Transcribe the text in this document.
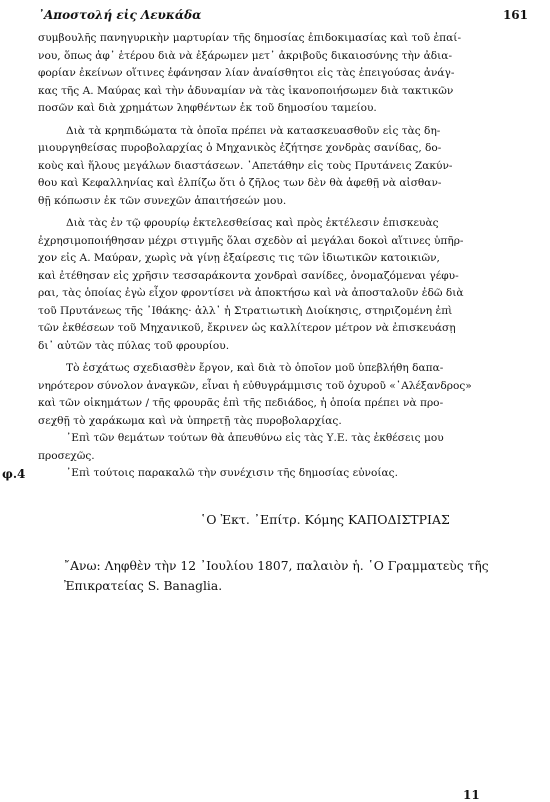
᾿Αποστολή εἰς Λευκάδα	161

συμβουλῆς πανηγυρικὴν μαρτυρίαν τῆς δημοσίας ἐπιδοκιμασίας καὶ τοῦ ἐπαί-
νου, ὅπως ἀφ᾿ ἑτέρου διὰ νὰ ἐξάρωμεν μετ᾿ ἀκριβοῦς δικαιοσύνης τὴν ἀδια-
φορίαν ἐκείνων οἵτινες ἐφάνησαν λίαν ἀναίσθητοι εἰς τὰς ἐπειγούσας ἀνάγ-
κας τῆς Α. Μαύρας καὶ τὴν ἀδυναμίαν νὰ τὰς ἱκανοποιήσωμεν διὰ τακτικῶν
ποσῶν καὶ διὰ χρημάτων ληφθέντων ἐκ τοῦ δημοσίου ταμείου.

Διὰ τὰ κρηπιδώματα τὰ ὁποῖα πρέπει νὰ κατασκευασθοῦν εἰς τὰς δη-
μιουργηθείσας πυροβολαρχίας ὁ Μηχανικὸς ἐζήτησε χονδρὰς σανίδας, δο-
κοὺς καὶ ἥλους μεγάλων διαστάσεων. ᾿Απετάθην εἰς τοὺς Πρυτάνεις Ζακύν-
θου καὶ Κεφαλληνίας καὶ ἐλπίζω ὅτι ὁ ζῆλος των δὲν θὰ ἀφεθῇ νὰ αἰσθαν-
θῇ κόπωσιν ἐκ τῶν συνεχῶν ἀπαιτήσεών μου.

Διὰ τὰς ἐν τῷ φρουρίῳ ἐκτελεσθείσας καὶ πρὸς ἐκτέλεσιν ἐπισκευὰς
ἐχρησιμοποιήθησαν μέχρι στιγμῆς ὅλαι σχεδὸν αἱ μεγάλαι δοκοὶ αἵτινες ὑπῆρ-
χον εἰς Α. Μαύραν, χωρὶς νὰ γίνῃ ἐξαίρεσις τις τῶν ἰδιωτικῶν κατοικιῶν,
καὶ ἐτέθησαν εἰς χρῆσιν τεσσαράκοντα χονδραὶ σανίδες, ὀνομαζόμεναι γέφυ-
ραι, τὰς ὁποίας ἐγὼ εἶχον φροντίσει νὰ ἀποκτήσω καὶ νὰ ἀποσταλοῦν ἐδῶ διὰ
τοῦ Πρυτάνεως τῆς ᾿Ιθάκης· ἀλλ᾿ ἡ Στρατιωτικὴ Διοίκησις, στηριζομένη ἐπὶ
τῶν ἐκθέσεων τοῦ Μηχανικοῦ, ἔκρινεν ὡς καλλίτερον μέτρον νὰ ἐπισκευάσῃ
δι᾿ αὐτῶν τὰς πύλας τοῦ φρουρίου.

Τὸ ἐσχάτως σχεδιασθὲν ἔργον, καὶ διὰ τὸ ὁποῖον μοῦ ὑπεβλήθη δαπα-
νηρότερον σύνολον ἀναγκῶν, εἶναι ἡ εὐθυγράμμισις τοῦ ὀχυροῦ «᾿Αλέξανδρος»
καὶ τῶν οἰκημάτων / τῆς φρουρᾶς ἐπὶ τῆς πεδιάδος, ἡ ὁποία πρέπει νὰ προ-
σεχθῇ τὸ χαράκωμα καὶ νὰ ὑπηρετῇ τὰς πυροβολαρχίας.

᾿Επὶ τῶν θεμάτων τούτων θὰ ἀπευθύνω εἰς τὰς Υ.Ε. τὰς ἐκθέσεις μου
προσεχῶς.

᾿Επὶ τούτοις παρακαλῶ τὴν συνέχισιν τῆς δημοσίας εὐνοίας.

φ.4
῾Ο Ἐκτ. ᾿Επίτρ. Κόμης ΚΑΠΟΔΙΣΤΡΙΑΣ
῎Ανω: Ληφθὲν τὴν 12 ᾿Ιουλίου 1807, παλαιὸν ἡ. ῾Ο Γραμματεὺς τῆς
Ἐπικρατείας S. Banaglia.
11
